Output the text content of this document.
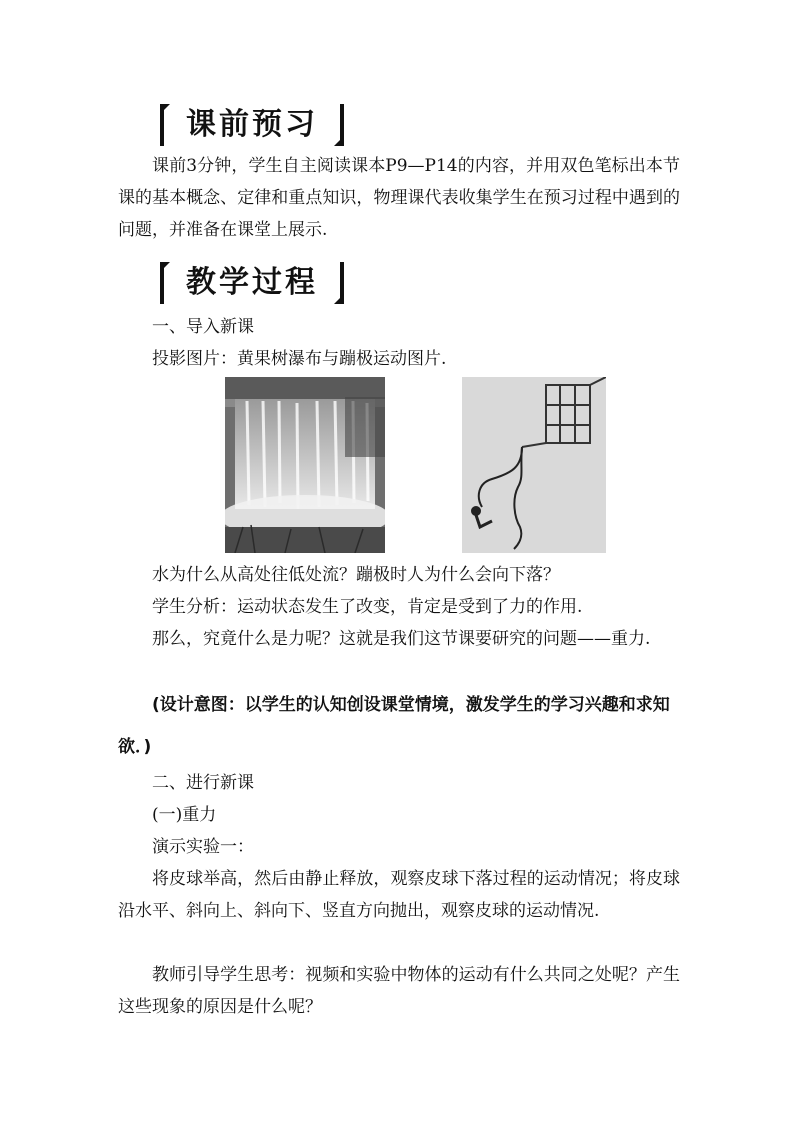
课前预习

课前3分钟，学生自主阅读课本P9—P14的内容，并用双色笔标出本节课的基本概念、定律和重点知识，物理课代表收集学生在预习过程中遇到的问题，并准备在课堂上展示.

教学过程

一、导入新课

投影图片：黄果树瀑布与蹦极运动图片.

水为什么从高处往低处流？蹦极时人为什么会向下落？

学生分析：运动状态发生了改变，肯定是受到了力的作用.

那么，究竟什么是力呢？这就是我们这节课要研究的问题——重力.

(设计意图：以学生的认知创设课堂情境，激发学生的学习兴趣和求知欲．)

二、进行新课

(一)重力

演示实验一：

将皮球举高，然后由静止释放，观察皮球下落过程的运动情况；将皮球沿水平、斜向上、斜向下、竖直方向抛出，观察皮球的运动情况.

教师引导学生思考：视频和实验中物体的运动有什么共同之处呢？产生这些现象的原因是什么呢？
